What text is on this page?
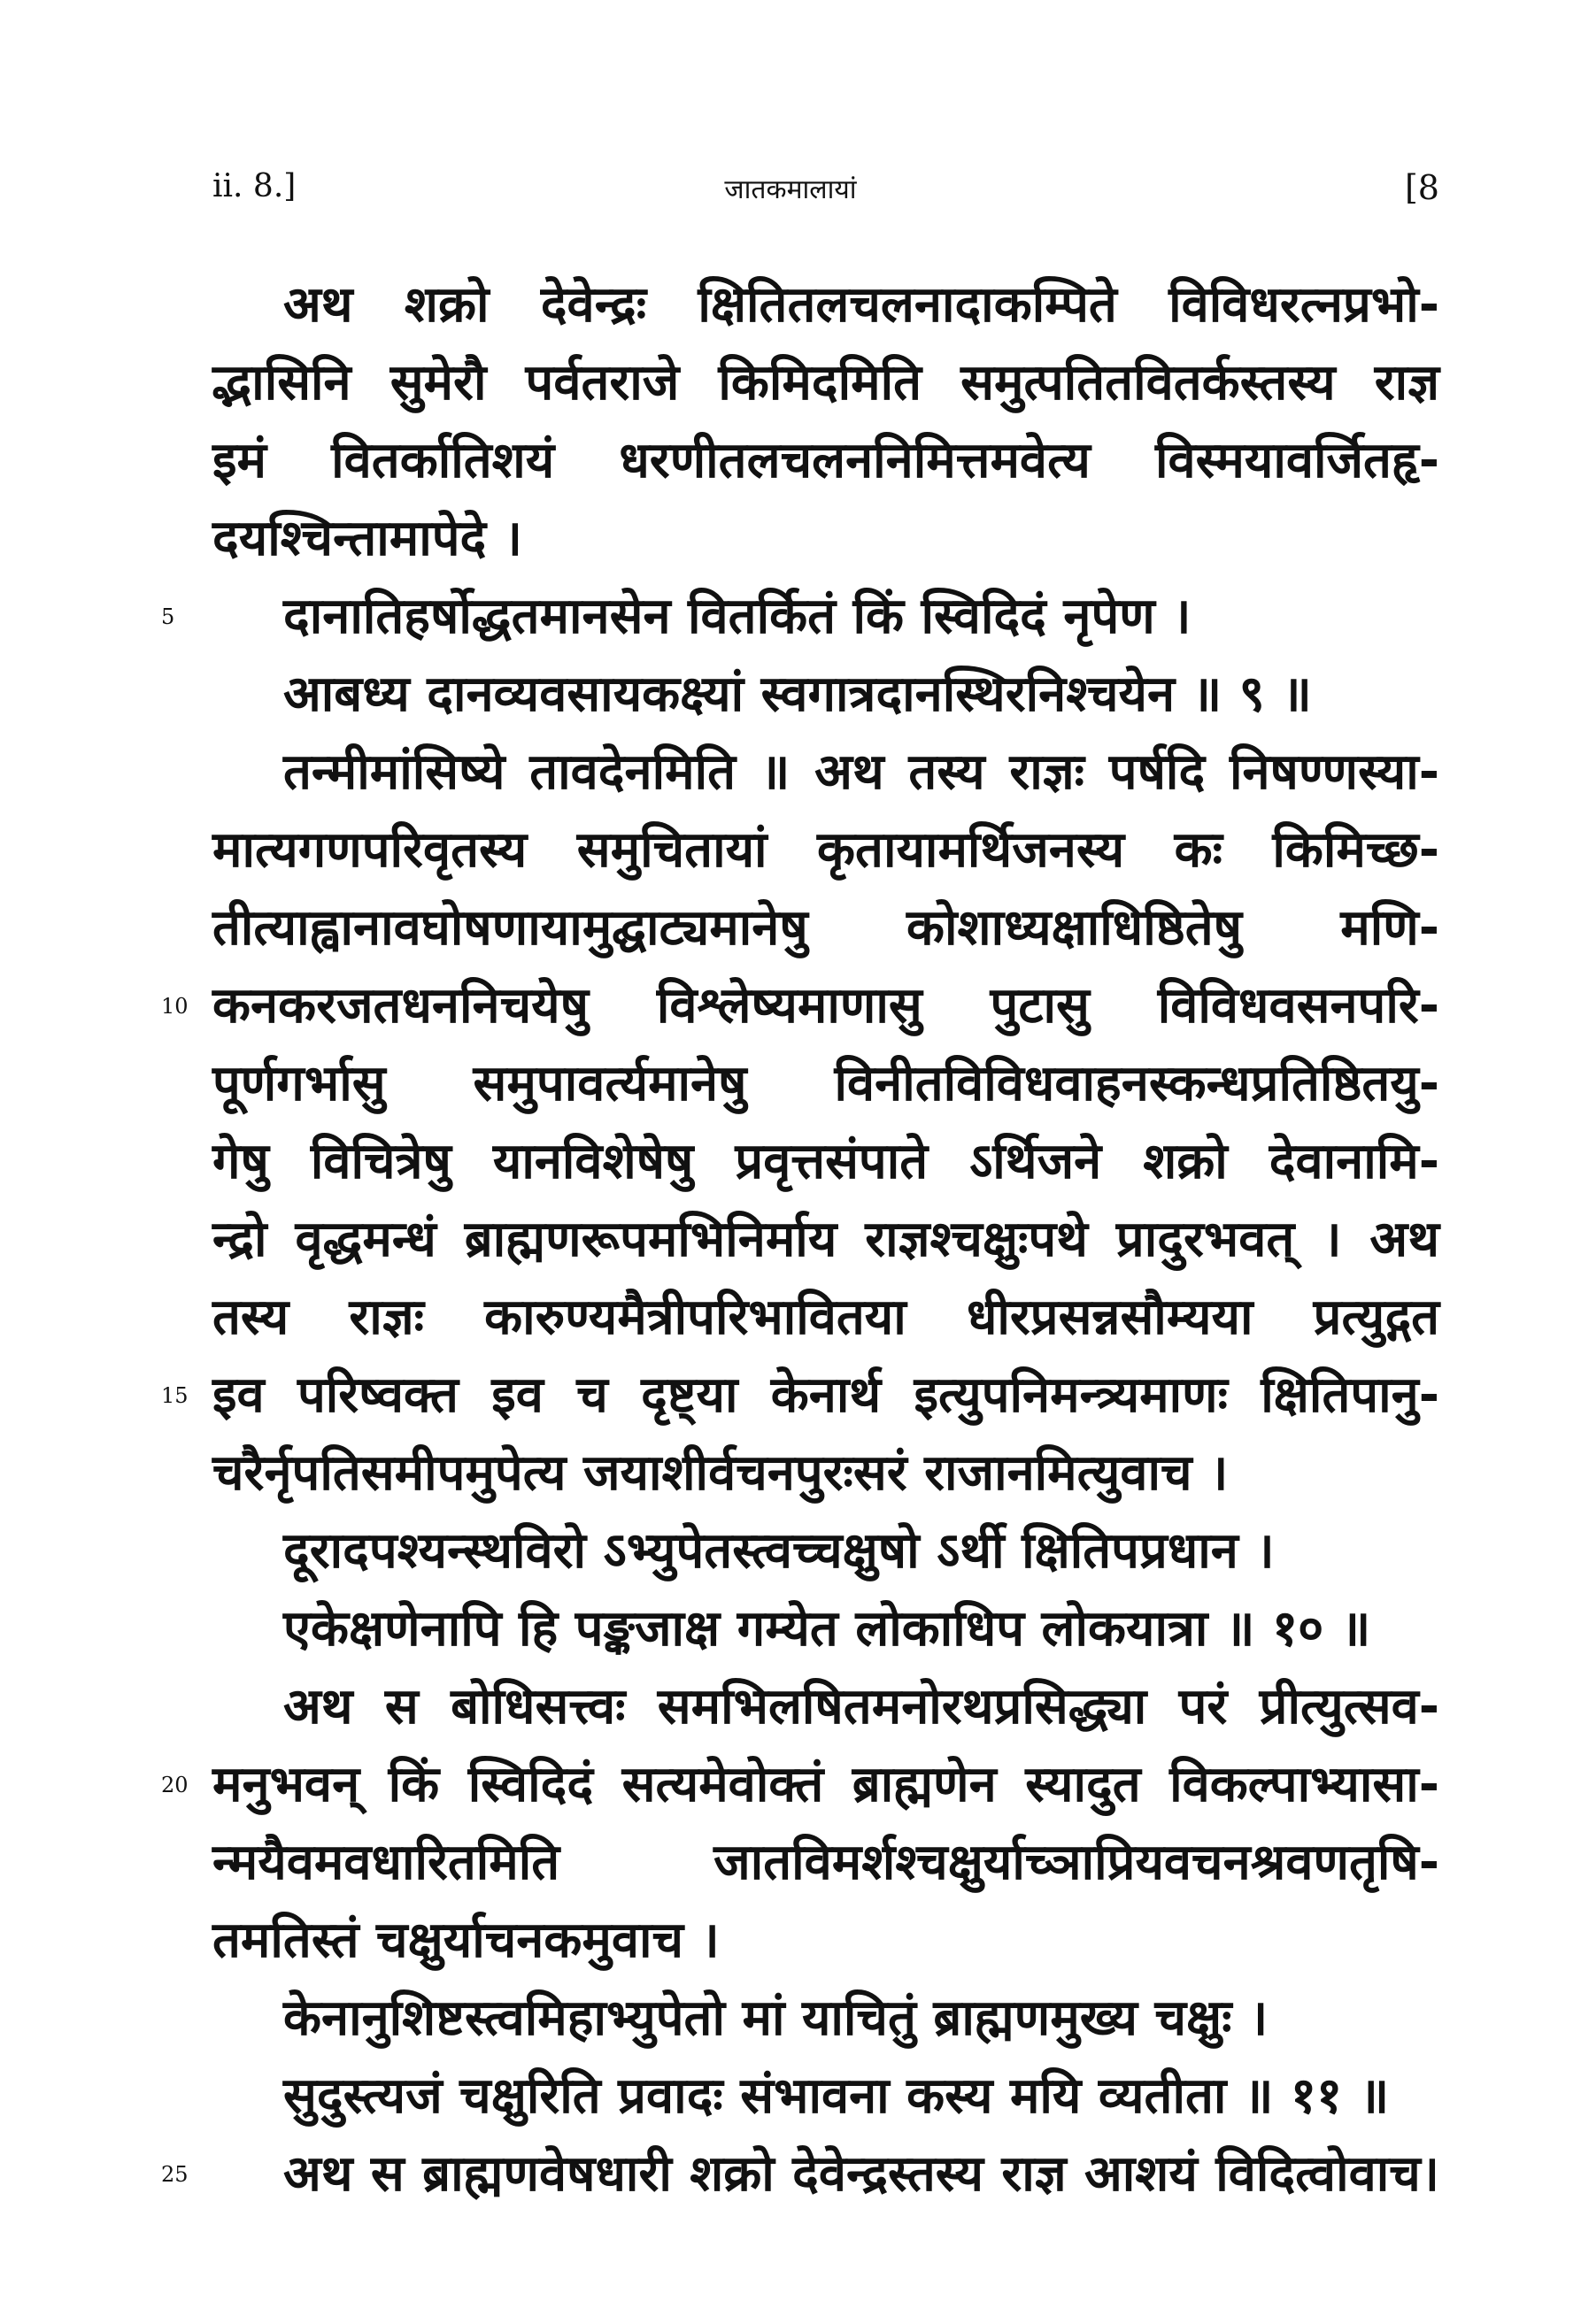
ii. 8.]	जातकमालायां	[8
अथ शक्रो देवेन्द्रः क्षितितलचलनादाकम्पिते विविधरत्नप्रभो-
द्भासिनि सुमेरौ पर्वतराजे किमिदमिति समुत्पतितवितर्कस्तस्य राज्ञ
इमं वितर्कातिशयं धरणीतलचलननिमित्तमवेत्य विस्मयावर्जितहृ-
दयश्चिन्तामापेदे ।
5 दानातिहर्षोद्धतमानसेन वितर्कितं किं स्विदिदं नृपेण ।
आबध्य दानव्यवसायकक्ष्यां स्वगात्रदानस्थिरनिश्चयेन ॥ ९ ॥
तन्मीमांसिष्ये तावदेनमिति ॥ अथ तस्य राज्ञः पर्षदि निषण्णस्या-
मात्यगणपरिवृतस्य समुचितायां कृतायामर्थिजनस्य कः किमिच्छ-
तीत्याह्वानावघोषणायामुद्घाट्यमानेषु कोशाध्यक्षाधिष्ठितेषु मणि-
10 कनकरजतधननिचयेषु विश्लेष्यमाणासु पुटासु विविधवसनपरि-
पूर्णगर्भासु समुपावर्त्यमानेषु विनीतविविधवाहनस्कन्धप्रतिष्ठितयु-
गेषु विचित्रेषु यानविशेषेषु प्रवृत्तसंपाते ऽर्थिजने शक्रो देवानामि-
न्द्रो वृद्धमन्धं ब्राह्मणरूपमभिनिर्माय राज्ञश्चक्षुःपथे प्रादुरभवत् । अथ
तस्य राज्ञः कारुण्यमैत्रीपरिभावितया धीरप्रसन्नसौम्यया प्रत्युद्गत
15 इव परिष्वक्त इव च दृष्ट्या केनार्थ इत्युपनिमन्त्र्यमाणः क्षितिपानु-
चरैर्नृपतिसमीपमुपेत्य जयाशीर्वचनपुरःसरं राजानमित्युवाच ।
दूरादपश्यन्स्थविरो ऽभ्युपेतस्त्वच्चक्षुषो ऽर्थी क्षितिपप्रधान ।
एकेक्षणेनापि हि पङ्कजाक्ष गम्येत लोकाधिप लोकयात्रा ॥ १० ॥
अथ स बोधिसत्त्वः समभिलषितमनोरथप्रसिद्ध्या परं प्रीत्युत्सव-
20 मनुभवन् किं स्विदिदं सत्यमेवोक्तं ब्राह्मणेन स्यादुत विकल्पाभ्यासा-
न्मयैवमवधारितमिति जातविमर्शश्चक्षुर्याच्ञाप्रियवचनश्रवणतृषि-
तमतिस्तं चक्षुर्याचनकमुवाच ।
केनानुशिष्टस्त्वमिहाभ्युपेतो मां याचितुं ब्राह्मणमुख्य चक्षुः ।
सुदुस्त्यजं चक्षुरिति प्रवादः संभावना कस्य मयि व्यतीता ॥ ११ ॥
25 अथ स ब्राह्मणवेषधारी शक्रो देवेन्द्रस्तस्य राज्ञ आशयं विदित्वोवाच।
